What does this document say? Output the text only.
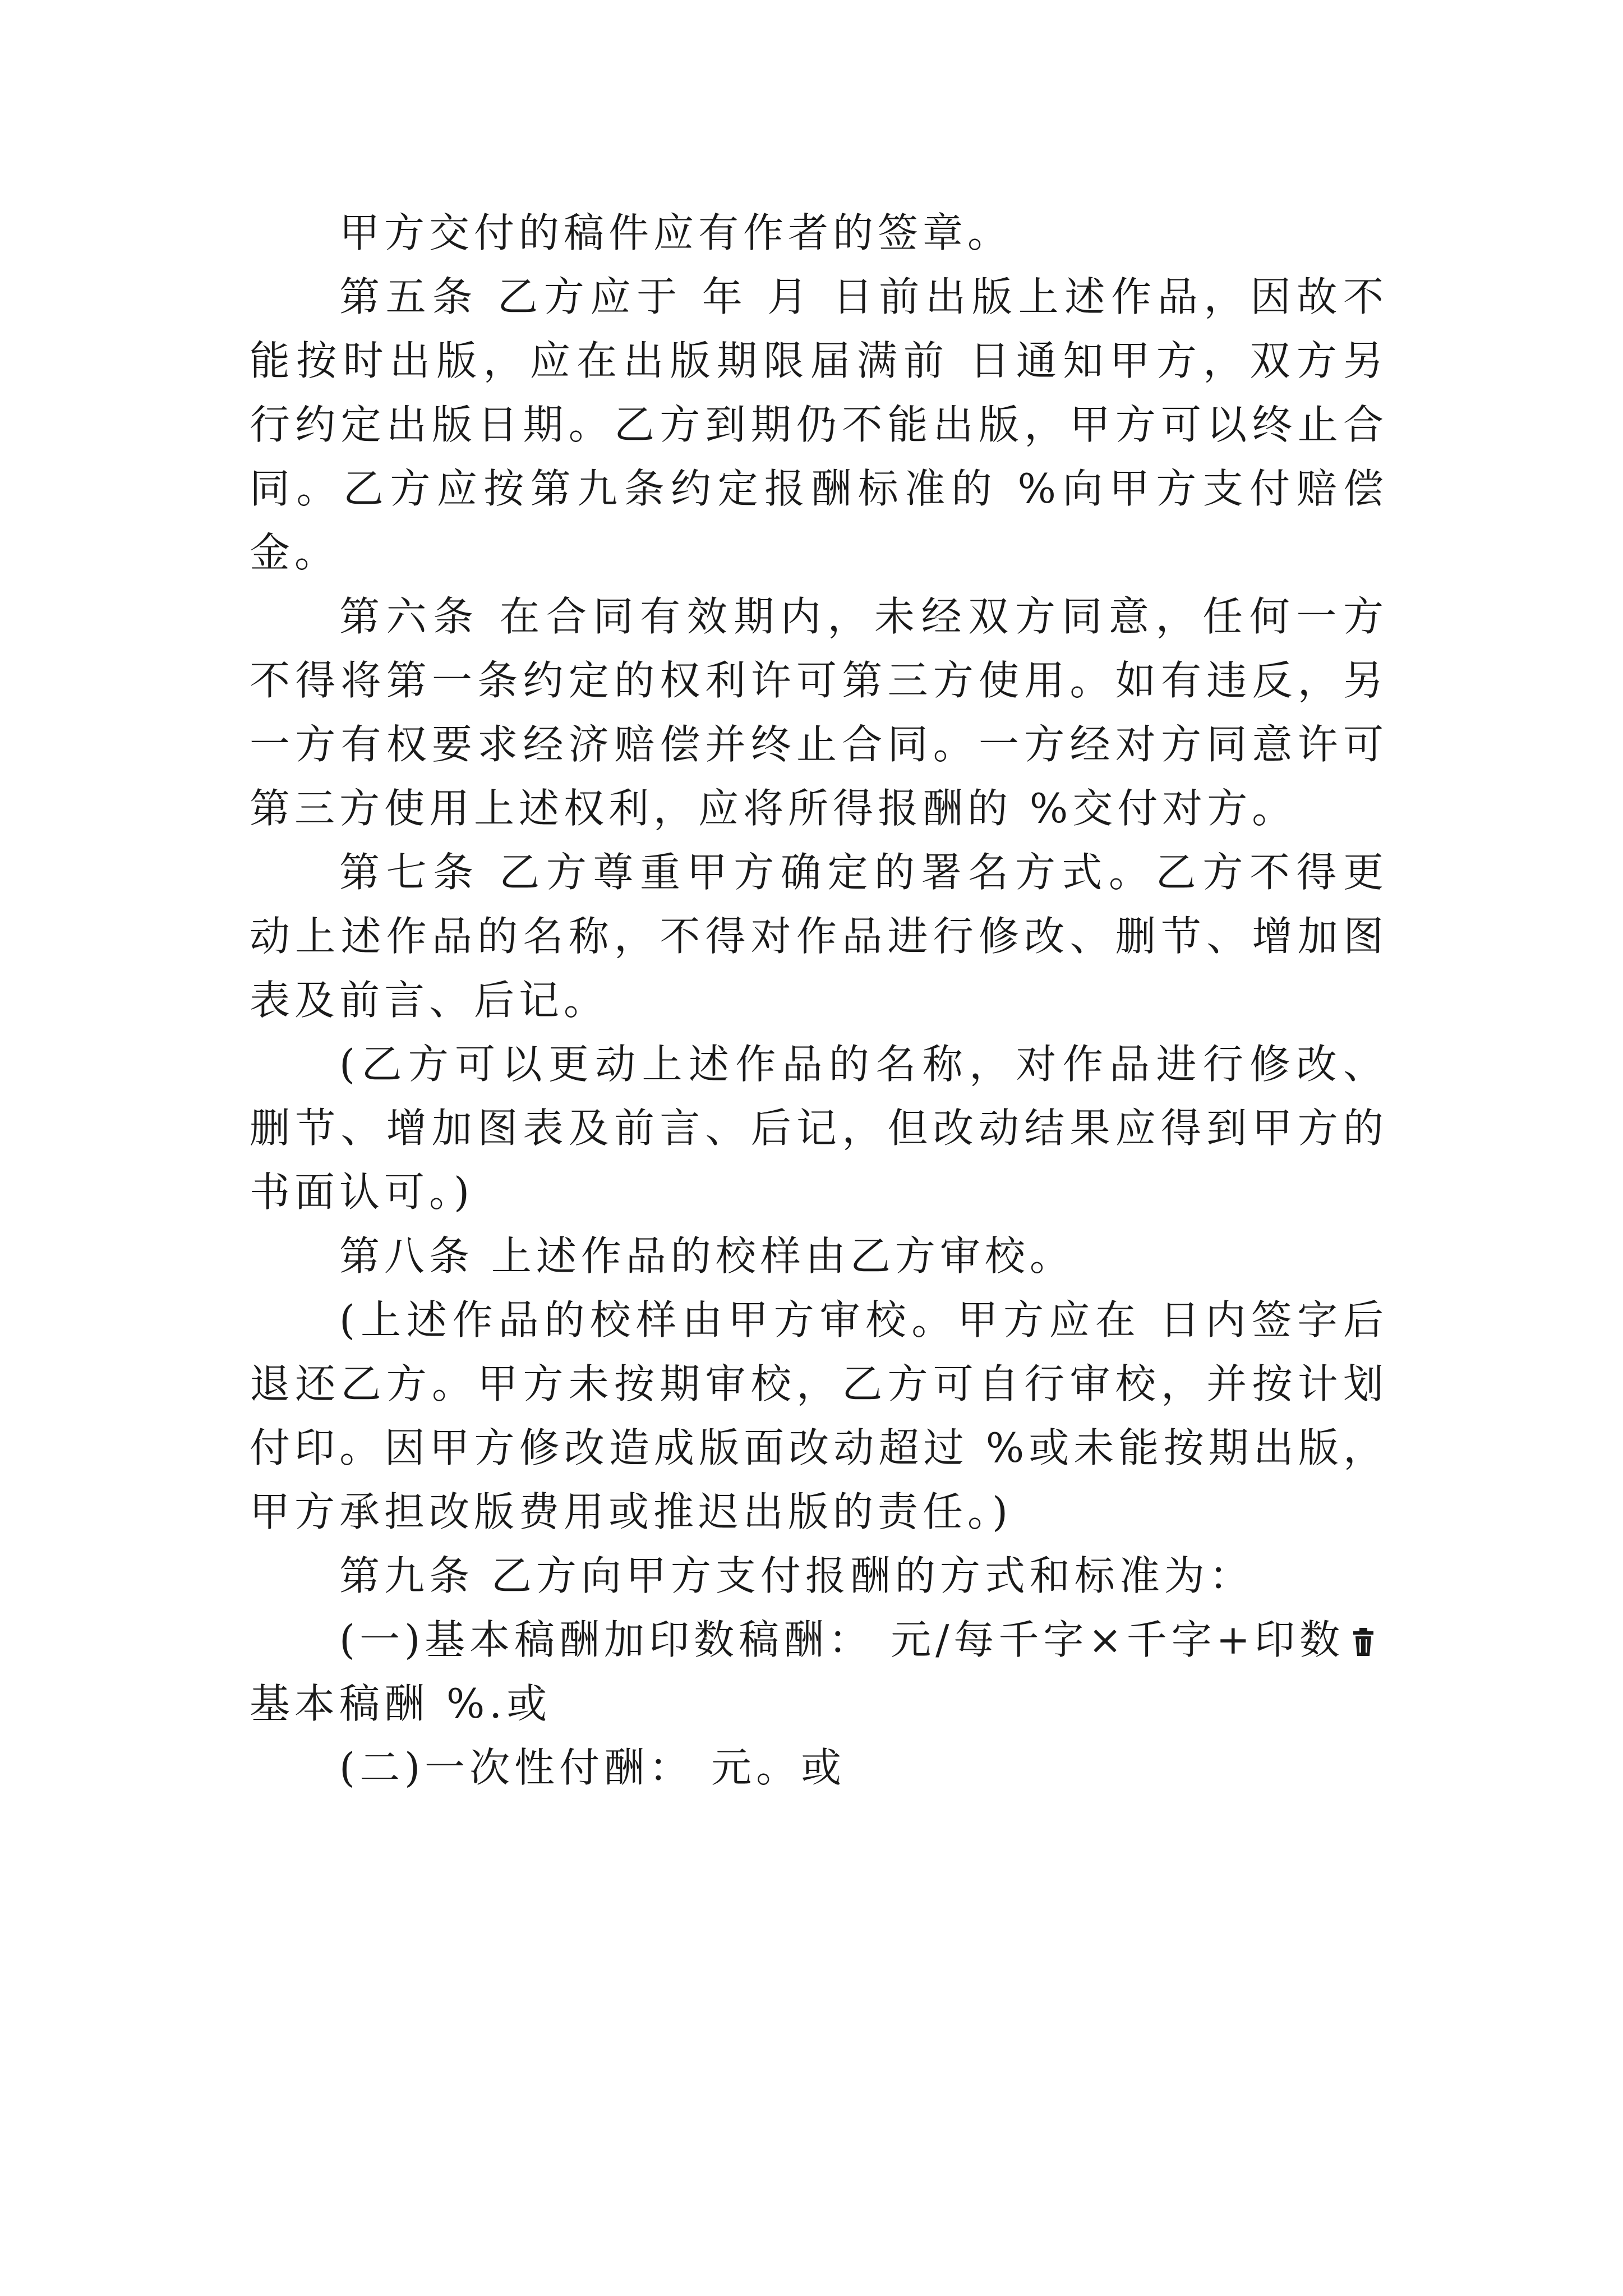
甲方交付的稿件应有作者的签章。

第五条 乙方应于 年 月 日前出版上述作品，因故不能按时出版，应在出版期限届满前 日通知甲方，双方另行约定出版日期。乙方到期仍不能出版，甲方可以终止合同。乙方应按第九条约定报酬标准的 %向甲方支付赔偿金。

第六条 在合同有效期内，未经双方同意，任何一方不得将第一条约定的权利许可第三方使用。如有违反，另一方有权要求经济赔偿并终止合同。一方经对方同意许可第三方使用上述权利，应将所得报酬的 %交付对方。

第七条 乙方尊重甲方确定的署名方式。乙方不得更动上述作品的名称，不得对作品进行修改、删节、增加图表及前言、后记。

(乙方可以更动上述作品的名称，对作品进行修改、删节、增加图表及前言、后记，但改动结果应得到甲方的书面认可。)

第八条 上述作品的校样由乙方审校。

(上述作品的校样由甲方审校。甲方应在 日内签字后退还乙方。甲方未按期审校，乙方可自行审校，并按计划付印。因甲方修改造成版面改动超过 %或未能按期出版，甲方承担改版费用或推迟出版的责任。)

第九条 乙方向甲方支付报酬的方式和标准为：

(一)基本稿酬加印数稿酬： 元/每千字×千字+印数
基本稿酬 %.或

(二)一次性付酬： 元。或
